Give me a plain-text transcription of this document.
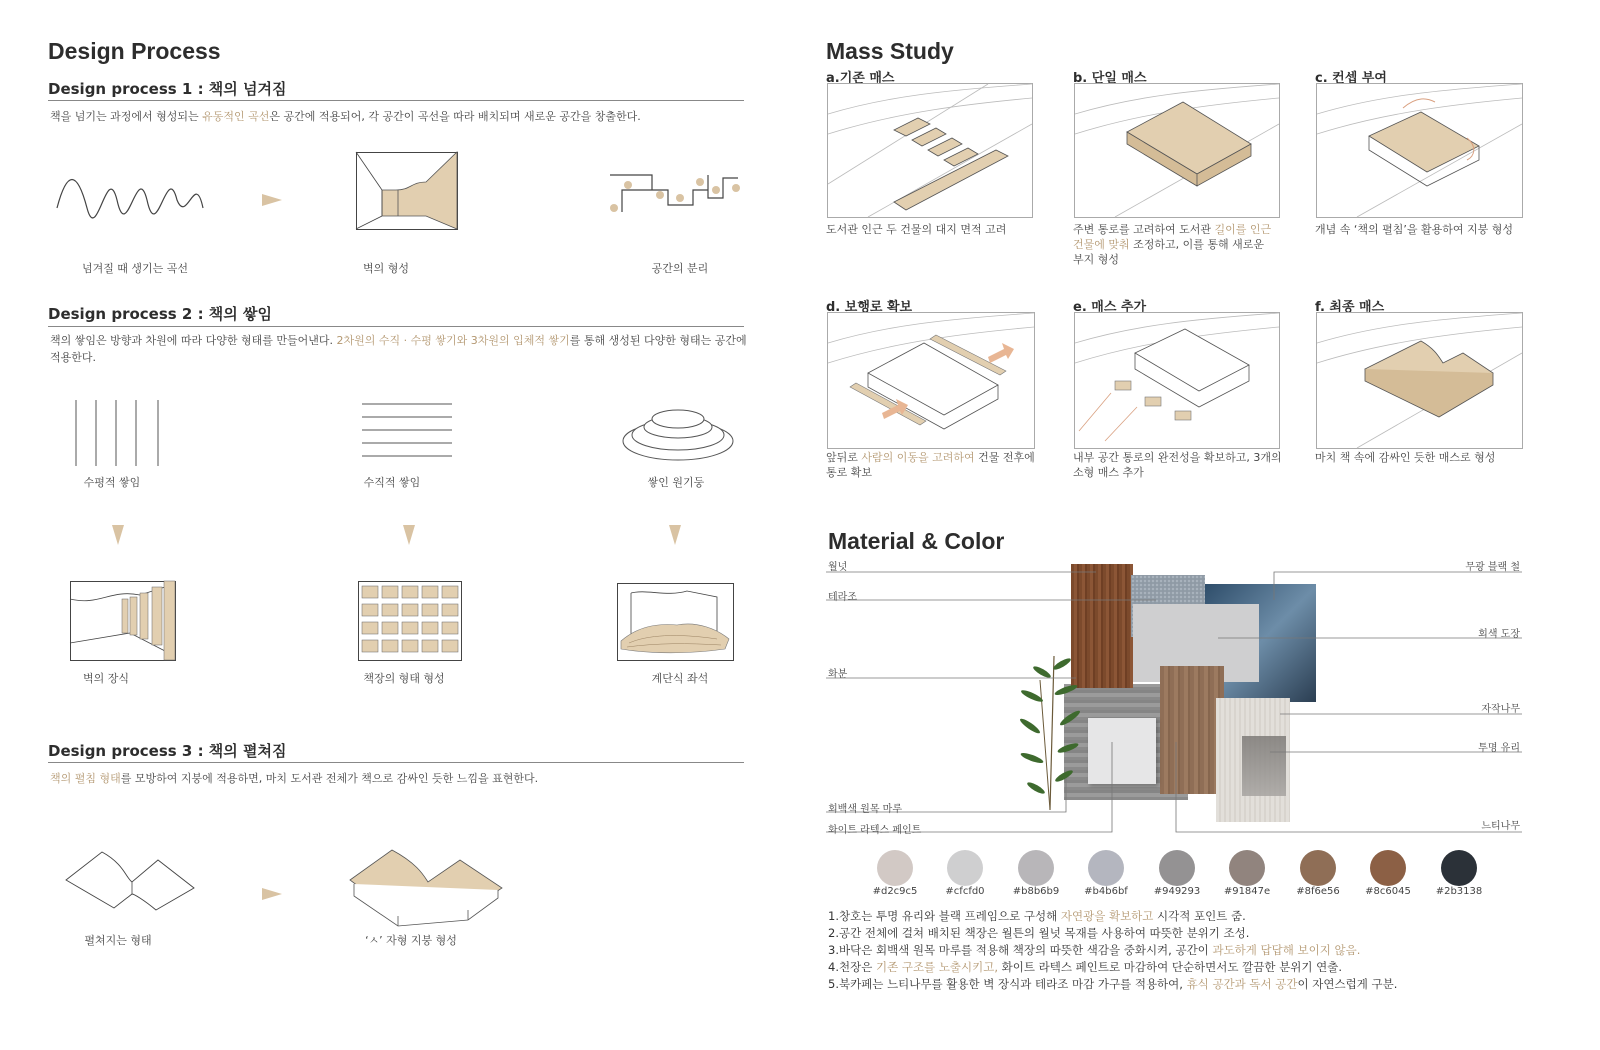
Design Process
Design process 1 : 책의 넘겨짐
책을 넘기는 과정에서 형성되는 유동적인 곡선은 공간에 적용되어, 각 공간이 곡선을 따라 배치되며 새로운 공간을 창출한다.
넘겨질 때 생기는 곡선	벽의 형성	공간의 분리
Design process 2 : 책의 쌓임
책의 쌓임은 방향과 차원에 따라 다양한 형태를 만들어낸다. 2차원의 수직 · 수평 쌓기와 3차원의 입체적 쌓기를 통해 생성된 다양한 형태는 공간에
적용한다.
수평적 쌓임	수직적 쌓임	쌓인 원기둥
벽의 장식	책장의 형태 형성	계단식 좌석
Design process 3 : 책의 펼쳐짐
책의 펼침 형태를 모방하여 지붕에 적용하면, 마치 도서관 전체가 책으로 감싸인 듯한 느낌을 표현한다.
펼쳐지는 형태	‘ㅅ’ 자형 지붕 형성
Mass Study
a.기존 매스	b. 단일 매스	c. 컨셉 부여
도서관 인근 두 건물의 대지 면적 고려	주변 통로를 고려하여 도서관 길이를 인근
건물에 맞춰 조정하고, 이를 통해 새로운
부지 형성
개념 속 ‘책의 펼침’을 활용하여 지붕 형성
d. 보행로 확보	e. 매스 추가	f. 최종 매스
앞뒤로 사람의 이동을 고려하여 건물 전후에
통로 확보
내부 공간 통로의 완전성을 확보하고, 3개의
소형 매스 추가
마치 책 속에 감싸인 듯한 매스로 형성
Material & Color
월넛
테라조
화분
회백색 원목 마루
화이트 라텍스 페인트
무광 블랙 철
회색 도장
자작나무
투명 유리
느티나무
#d2c9c5	#cfcfd0	#b8b6b9	#b4b6bf	#949293	#91847e	#8f6e56	#8c6045	#2b3138
1.창호는 투명 유리와 블랙 프레임으로 구성해 자연광을 확보하고 시각적 포인트 줌.
2.공간 전체에 걸쳐 배치된 책장은 월튼의 월넛 목재를 사용하여 따뜻한 분위기 조성.
3.바닥은 회백색 원목 마루를 적용해 책장의 따뜻한 색감을 중화시켜, 공간이 과도하게 답답해 보이지 않음.
4.천장은 기존 구조를 노출시키고, 화이트 라텍스 페인트로 마감하여 단순하면서도 깔끔한 분위기 연출.
5.북카페는 느티나무를 활용한 벽 장식과 테라조 마감 가구를 적용하여, 휴식 공간과 독서 공간이 자연스럽게 구분.
